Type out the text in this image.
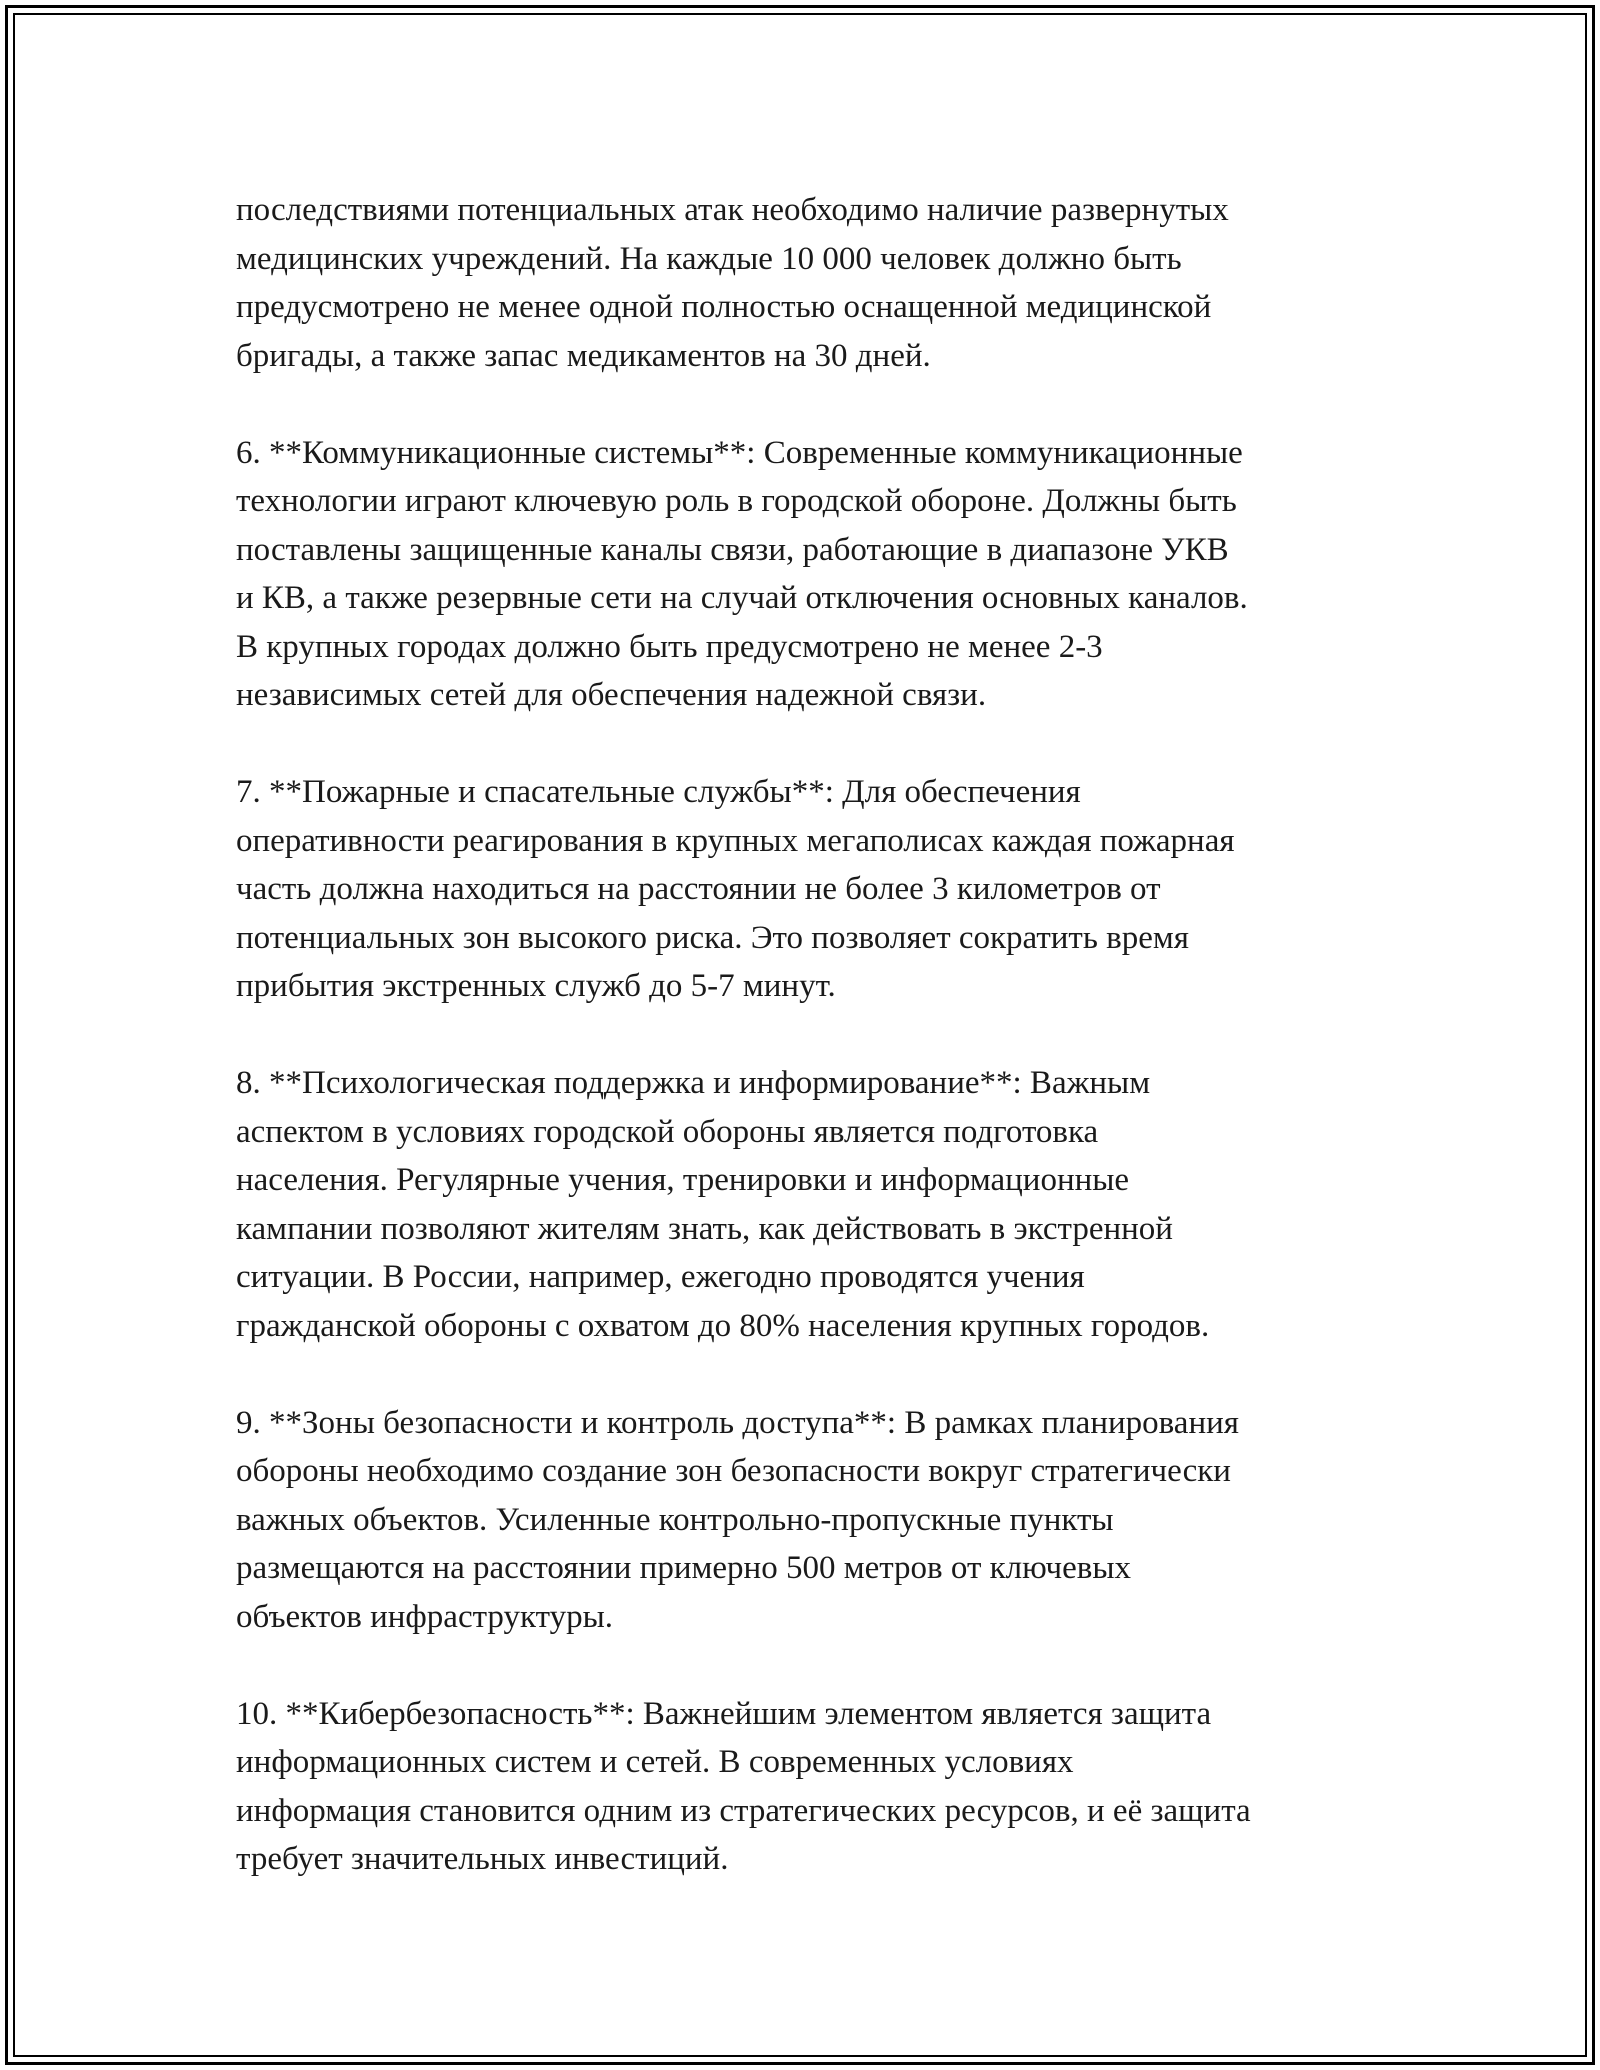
последствиями потенциальных атак необходимо наличие развернутых
медицинских учреждений. На каждые 10 000 человек должно быть
предусмотрено не менее одной полностью оснащенной медицинской
бригады, а также запас медикаментов на 30 дней.

6. **Коммуникационные системы**: Современные коммуникационные
технологии играют ключевую роль в городской обороне. Должны быть
поставлены защищенные каналы связи, работающие в диапазоне УКВ
и КВ, а также резервные сети на случай отключения основных каналов.
В крупных городах должно быть предусмотрено не менее 2-3
независимых сетей для обеспечения надежной связи.

7. **Пожарные и спасательные службы**: Для обеспечения
оперативности реагирования в крупных мегаполисах каждая пожарная
часть должна находиться на расстоянии не более 3 километров от
потенциальных зон высокого риска. Это позволяет сократить время
прибытия экстренных служб до 5-7 минут.

8. **Психологическая поддержка и информирование**: Важным
аспектом в условиях городской обороны является подготовка
населения. Регулярные учения, тренировки и информационные
кампании позволяют жителям знать, как действовать в экстренной
ситуации. В России, например, ежегодно проводятся учения
гражданской обороны с охватом до 80% населения крупных городов.

9. **Зоны безопасности и контроль доступа**: В рамках планирования
обороны необходимо создание зон безопасности вокруг стратегически
важных объектов. Усиленные контрольно-пропускные пункты
размещаются на расстоянии примерно 500 метров от ключевых
объектов инфраструктуры.

10. **Кибербезопасность**: Важнейшим элементом является защита
информационных систем и сетей. В современных условиях
информация становится одним из стратегических ресурсов, и её защита
требует значительных инвестиций.
